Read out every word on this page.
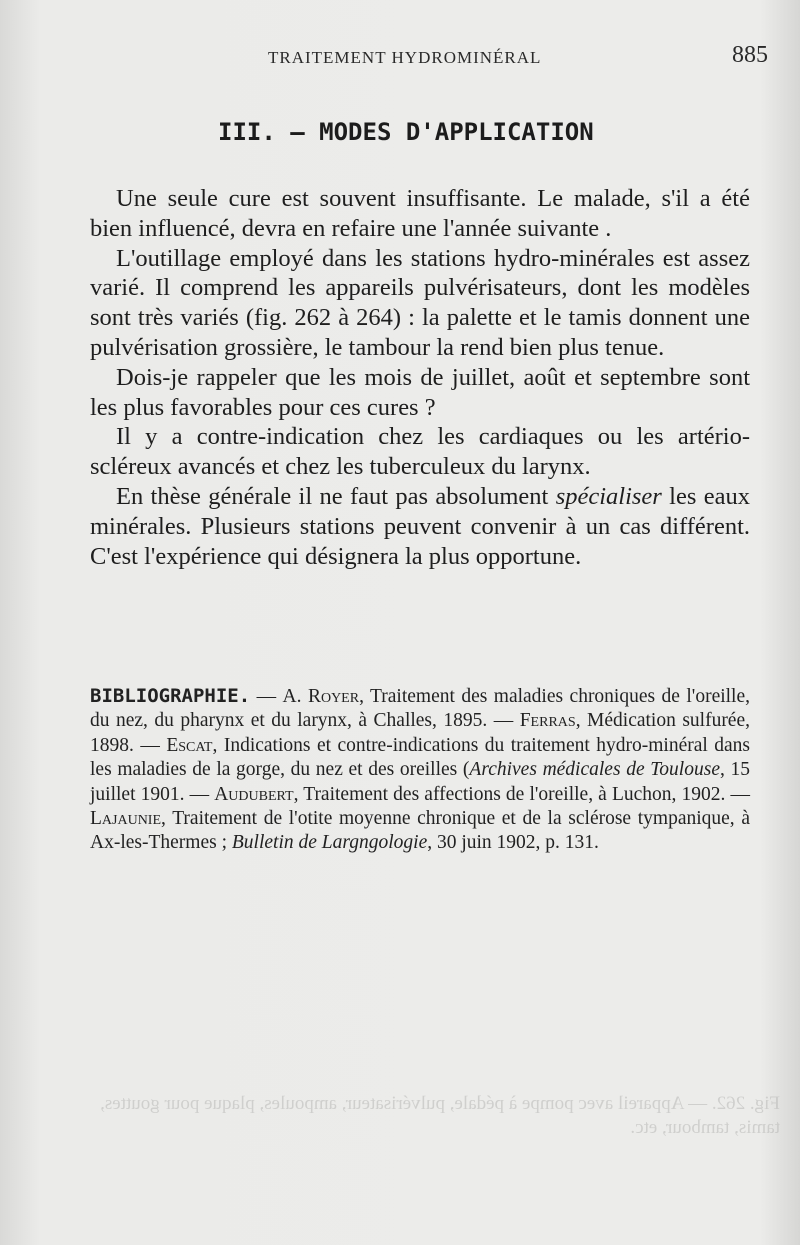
TRAITEMENT HYDROMINÉRAL	885
III. — MODES D'APPLICATION

Une seule cure est souvent insuffisante. Le malade, s'il a été bien influencé, devra en refaire une l'année suivante .

L'outillage employé dans les stations hydro-minérales est assez varié. Il comprend les appareils pulvérisateurs, dont les modèles sont très variés (fig. 262 à 264) : la palette et le tamis donnent une pulvérisation grossière, le tambour la rend bien plus tenue.

Dois-je rappeler que les mois de juillet, août et septembre sont les plus favorables pour ces cures ?

Il y a contre-indication chez les cardiaques ou les artério-scléreux avancés et chez les tuberculeux du larynx.

En thèse générale il ne faut pas absolument spécialiser les eaux minérales. Plusieurs stations peuvent convenir à un cas différent. C'est l'expérience qui désignera la plus opportune.

BIBLIOGRAPHIE. — A. Royer, Traitement des maladies chroniques de l'oreille, du nez, du pharynx et du larynx, à Challes, 1895. — Ferras, Médication sulfurée, 1898. — Escat, Indications et contre-indications du traitement hydro-minéral dans les maladies de la gorge, du nez et des oreilles (Archives médicales de Toulouse, 15 juillet 1901. — Audubert, Traitement des affections de l'oreille, à Luchon, 1902. — Lajaunie, Traitement de l'otite moyenne chronique et de la sclérose tympanique, à Ax-les-Thermes ; Bulletin de Largngologie, 30 juin 1902, p. 131.
Fig. 262. — Appareil avec pompe à pédale, pulvérisateur, ampoules, plaque pour gouttes, tamis, tambour, etc.
